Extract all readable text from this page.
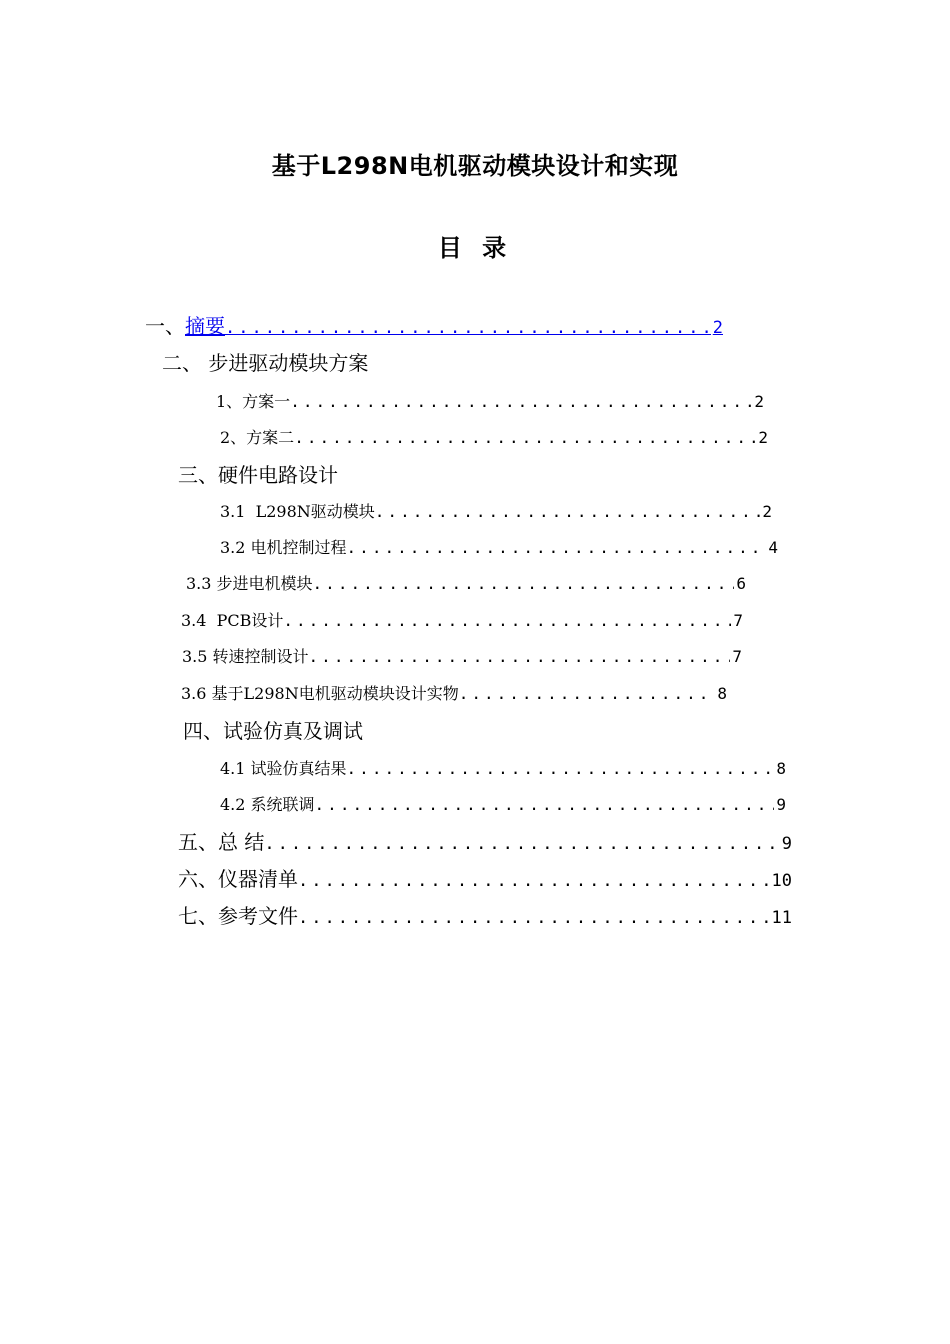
基于L298N电机驱动模块设计和实现
目 录
一、 摘要 .....	2
二、 步进驱动模块方案
1、方案一 .....	2
2、方案二 .....	2
三、硬件电路设计
3.1  L298N驱动模块 .....	2
3.2 电机控制过程 .....	4
3.3 步进电机模块 .....	6
3.4  PCB设计 .....	7
3.5 转速控制设计 .....	7
3.6 基于L298N电机驱动模块设计实物 .....	8
四、试验仿真及调试
4.1 试验仿真结果 .....	8
4.2 系统联调 .....	9
五、总 结 .....	9
六、仪器清单 .....	10
七、参考文件 .....	11
